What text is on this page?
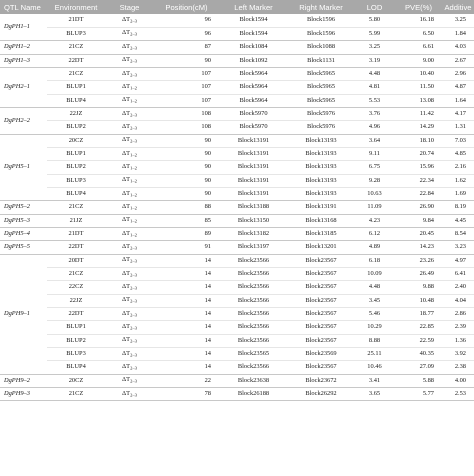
QTL Name	Environment	Stage	Position(cM)	Left Marker	Right Marker	LOD	PVE(%)	Additive
DgPH1–1	21DT	$\Delta T_{2-3}$	96	Block1594	Block1596	5.80	16.18	3.25
	BLUP3	$\Delta T_{2-3}$	96	Block1594	Block1596	5.99	6.50	1.84
DgPH1–2	21CZ	$\Delta T_{2-3}$	87	Block1084	Block1088	3.25	6.61	4.03
DgPH1–3	22DT	$\Delta T_{2-3}$	90	Block1092	Block1131	3.19	9.00	2.67
DgPH2–1	21CZ	$\Delta T_{2-3}$	107	Block5964	Block5965	4.48	10.40	2.96
	BLUP1	$\Delta T_{1-2}$	107	Block5964	Block5965	4.81	11.50	4.87
	BLUP4	$\Delta T_{1-2}$	107	Block5964	Block5965	5.53	13.08	1.64
DgPH2–2	22JZ	$\Delta T_{2-3}$	108	Block5970	Block5976	3.76	11.42	4.17
	BLUP2	$\Delta T_{2-3}$	108	Block5970	Block5976	4.96	14.29	1.31
DgPH5–1	20CZ	$\Delta T_{2-3}$	90	Block13191	Block13193	3.64	18.10	7.03
	BLUP1	$\Delta T_{1-2}$	90	Block13191	Block13193	9.11	20.74	4.85
	BLUP2	$\Delta T_{1-2}$	90	Block13191	Block13193	6.75	15.96	2.16
	BLUP3	$\Delta T_{1-2}$	90	Block13191	Block13193	9.28	22.34	1.62
	BLUP4	$\Delta T_{1-2}$	90	Block13191	Block13193	10.63	22.84	1.69
DgPH5–2	21CZ	$\Delta T_{1-2}$	88	Block13188	Block13191	11.09	26.90	8.19
DgPH5–3	21JZ	$\Delta T_{1-2}$	85	Block13150	Block13168	4.23	9.84	4.45
DgPH5–4	21DT	$\Delta T_{1-2}$	89	Block13182	Block13185	6.12	20.45	8.54
DgPH5–5	22DT	$\Delta T_{2-3}$	91	Block13197	Block13201	4.89	14.23	3.23
DgPH9–1	20DT	$\Delta T_{2-3}$	14	Block23566	Block23567	6.18	23.26	4.97
	21CZ	$\Delta T_{2-3}$	14	Block23566	Block23567	10.09	26.49	6.41
	22CZ	$\Delta T_{2-3}$	14	Block23566	Block23567	4.48	9.88	2.40
	22JZ	$\Delta T_{2-3}$	14	Block23566	Block23567	3.45	10.48	4.04
	22DT	$\Delta T_{2-3}$	14	Block23566	Block23567	5.46	18.77	2.86
	BLUP1	$\Delta T_{2-3}$	14	Block23566	Block23567	10.29	22.85	2.39
	BLUP2	$\Delta T_{2-3}$	14	Block23566	Block23567	8.88	22.59	1.36
	BLUP3	$\Delta T_{2-3}$	14	Block23565	Block23569	25.11	40.35	3.92
	BLUP4	$\Delta T_{2-3}$	14	Block23566	Block23567	10.46	27.09	2.38
DgPH9–2	20CZ	$\Delta T_{2-3}$	22	Block23638	Block23672	3.41	5.88	4.00
DgPH9–3	21CZ	$\Delta T_{2-3}$	78	Block26188	Block26292	3.65	5.77	2.53
